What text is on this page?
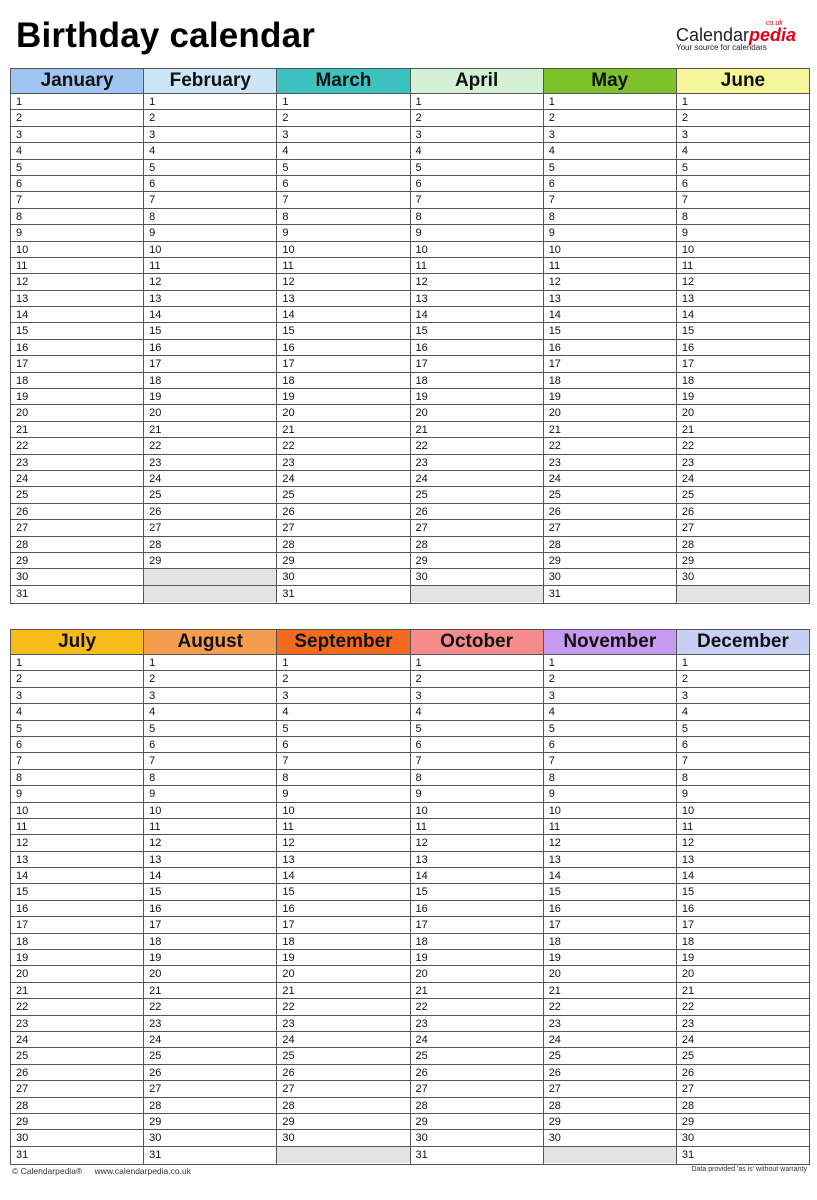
Birthday calendar	co.uk
Calendarpedia
Your source for calendars
January
1
2
3
4
5
6
7
8
9
10
11
12
13
14
15
16
17
18
19
20
21
22
23
24
25
26
27
28
29
30
31
February
1
2
3
4
5
6
7
8
9
10
11
12
13
14
15
16
17
18
19
20
21
22
23
24
25
26
27
28
29
March
1
2
3
4
5
6
7
8
9
10
11
12
13
14
15
16
17
18
19
20
21
22
23
24
25
26
27
28
29
30
31
April
1
2
3
4
5
6
7
8
9
10
11
12
13
14
15
16
17
18
19
20
21
22
23
24
25
26
27
28
29
30
May
1
2
3
4
5
6
7
8
9
10
11
12
13
14
15
16
17
18
19
20
21
22
23
24
25
26
27
28
29
30
31
June
1
2
3
4
5
6
7
8
9
10
11
12
13
14
15
16
17
18
19
20
21
22
23
24
25
26
27
28
29
30
July
1
2
3
4
5
6
7
8
9
10
11
12
13
14
15
16
17
18
19
20
21
22
23
24
25
26
27
28
29
30
31
August
1
2
3
4
5
6
7
8
9
10
11
12
13
14
15
16
17
18
19
20
21
22
23
24
25
26
27
28
29
30
31
September
1
2
3
4
5
6
7
8
9
10
11
12
13
14
15
16
17
18
19
20
21
22
23
24
25
26
27
28
29
30
October
1
2
3
4
5
6
7
8
9
10
11
12
13
14
15
16
17
18
19
20
21
22
23
24
25
26
27
28
29
30
31
November
1
2
3
4
5
6
7
8
9
10
11
12
13
14
15
16
17
18
19
20
21
22
23
24
25
26
27
28
29
30
December
1
2
3
4
5
6
7
8
9
10
11
12
13
14
15
16
17
18
19
20
21
22
23
24
25
26
27
28
29
30
31
© Calendarpedia® www.calendarpedia.co.uk	Data provided 'as is' without warranty
